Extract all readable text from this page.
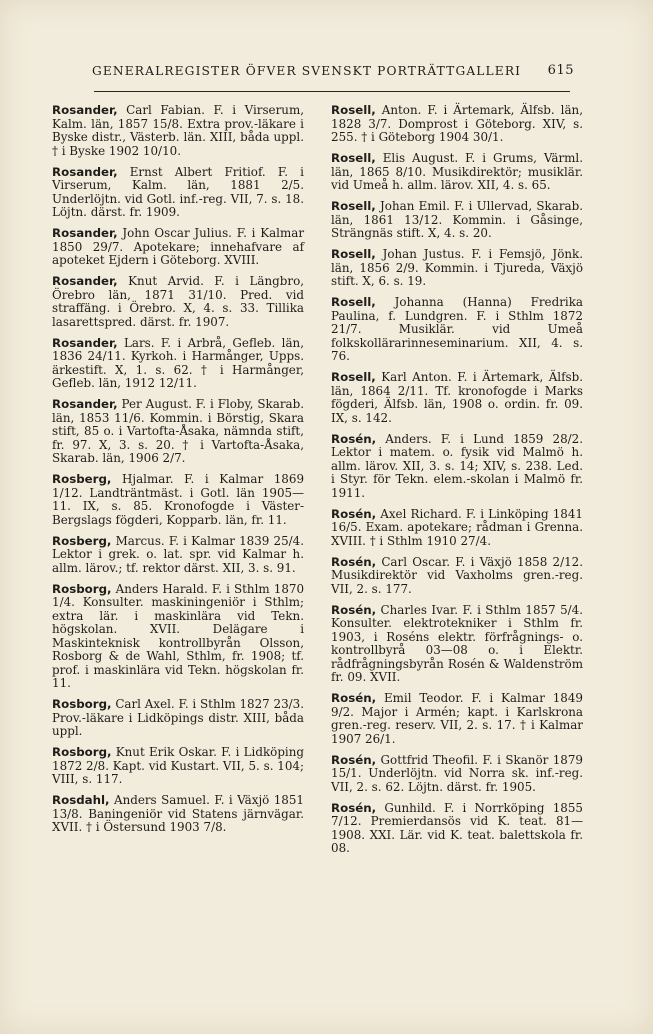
GENERALREGISTER ÖFVER SVENSKT PORTRÄTTGALLERI 615

Rosander, Carl Fabian. F. i Virserum, Kalm. län, 1857 15/8. Extra prov.-läkare i Byske distr., Västerb. län. XIII, båda uppl. † i Byske 1902 10/10.

Rosander, Ernst Albert Fritiof. F. i Virserum, Kalm. län, 1881 2/5. Underlöjtn. vid Gotl. inf.-reg. VII, 7. s. 18. Löjtn. därst. fr. 1909.

Rosander, John Oscar Julius. F. i Kalmar 1850 29/7. Apotekare; innehafvare af apoteket Ejdern i Göteborg. XVIII.

Rosander, Knut Arvid. F. i Längbro, Örebro län, 1871 31/10. Pred. vid straffäng. i Örebro. X, 4. s. 33. Tillika lasarettspred. därst. fr. 1907.

Rosander, Lars. F. i Arbrå, Gefleb. län, 1836 24/11. Kyrkoh. i Harmånger, Upps. ärkestift. X, 1. s. 62. † i Harmånger, Gefleb. län, 1912 12/11.

Rosander, Per August. F. i Floby, Skarab. län, 1853 11/6. Kommin. i Börstig, Skara stift, 85 o. i Vartofta-Åsaka, nämnda stift, fr. 97. X, 3. s. 20. † i Vartofta-Åsaka, Skarab. län, 1906 2/7.

Rosberg, Hjalmar. F. i Kalmar 1869 1/12. Landträntmäst. i Gotl. län 1905—11. IX, s. 85. Kronofogde i Väster-Bergslags fögderi, Kopparb. län, fr. 11.

Rosberg, Marcus. F. i Kalmar 1839 25/4. Lektor i grek. o. lat. spr. vid Kalmar h. allm. lärov.; tf. rektor därst. XII, 3. s. 91.

Rosborg, Anders Harald. F. i Sthlm 1870 1/4. Konsulter. maskiningeniör i Sthlm; extra lär. i maskinlära vid Tekn. högskolan. XVII. Delägare i Maskinteknisk kontrollbyrån Olsson, Rosborg & de Wahl, Sthlm, fr. 1908; tf. prof. i maskinlära vid Tekn. högskolan fr. 11.

Rosborg, Carl Axel. F. i Sthlm 1827 23/3. Prov.-läkare i Lidköpings distr. XIII, båda uppl.

Rosborg, Knut Erik Oskar. F. i Lidköping 1872 2/8. Kapt. vid Kustart. VII, 5. s. 104; VIII, s. 117.

Rosdahl, Anders Samuel. F. i Växjö 1851 13/8. Baningeniör vid Statens järnvägar. XVII. † i Östersund 1903 7/8.

Rosell, Anton. F. i Ärtemark, Älfsb. län, 1828 3/7. Domprost i Göteborg. XIV, s. 255. † i Göteborg 1904 30/1.

Rosell, Elis August. F. i Grums, Värml. län, 1865 8/10. Musikdirektör; musiklär. vid Umeå h. allm. lärov. XII, 4. s. 65.

Rosell, Johan Emil. F. i Ullervad, Skarab. län, 1861 13/12. Kommin. i Gåsinge, Strängnäs stift. X, 4. s. 20.

Rosell, Johan Justus. F. i Femsjö, Jönk. län, 1856 2/9. Kommin. i Tjureda, Växjö stift. X, 6. s. 19.

Rosell, Johanna (Hanna) Fredrika Paulina, f. Lundgren. F. i Sthlm 1872 21/7. Musiklär. vid Umeå folkskollärarinneseminarium. XII, 4. s. 76.

Rosell, Karl Anton. F. i Ärtemark, Älfsb. län, 1864 2/11. Tf. kronofogde i Marks fögderi, Älfsb. län, 1908 o. ordin. fr. 09. IX, s. 142.

Rosén, Anders. F. i Lund 1859 28/2. Lektor i matem. o. fysik vid Malmö h. allm. lärov. XII, 3. s. 14; XIV, s. 238. Led. i Styr. för Tekn. elem.-skolan i Malmö fr. 1911.

Rosén, Axel Richard. F. i Linköping 1841 16/5. Exam. apotekare; rådman i Grenna. XVIII. † i Sthlm 1910 27/4.

Rosén, Carl Oscar. F. i Växjö 1858 2/12. Musikdirektör vid Vaxholms gren.-reg. VII, 2. s. 177.

Rosén, Charles Ivar. F. i Sthlm 1857 5/4. Konsulter. elektrotekniker i Sthlm fr. 1903, i Roséns elektr. förfrågnings- o. kontrollbyrå 03—08 o. i Elektr. rådfrågningsbyrån Rosén & Waldenström fr. 09. XVII.

Rosén, Emil Teodor. F. i Kalmar 1849 9/2. Major i Armén; kapt. i Karlskrona gren.-reg. reserv. VII, 2. s. 17. † i Kalmar 1907 26/1.

Rosén, Gottfrid Theofil. F. i Skanör 1879 15/1. Underlöjtn. vid Norra sk. inf.-reg. VII, 2. s. 62. Löjtn. därst. fr. 1905.

Rosén, Gunhild. F. i Norrköping 1855 7/12. Premierdansös vid K. teat. 81—1908. XXI. Lär. vid K. teat. balettskola fr. 08.
